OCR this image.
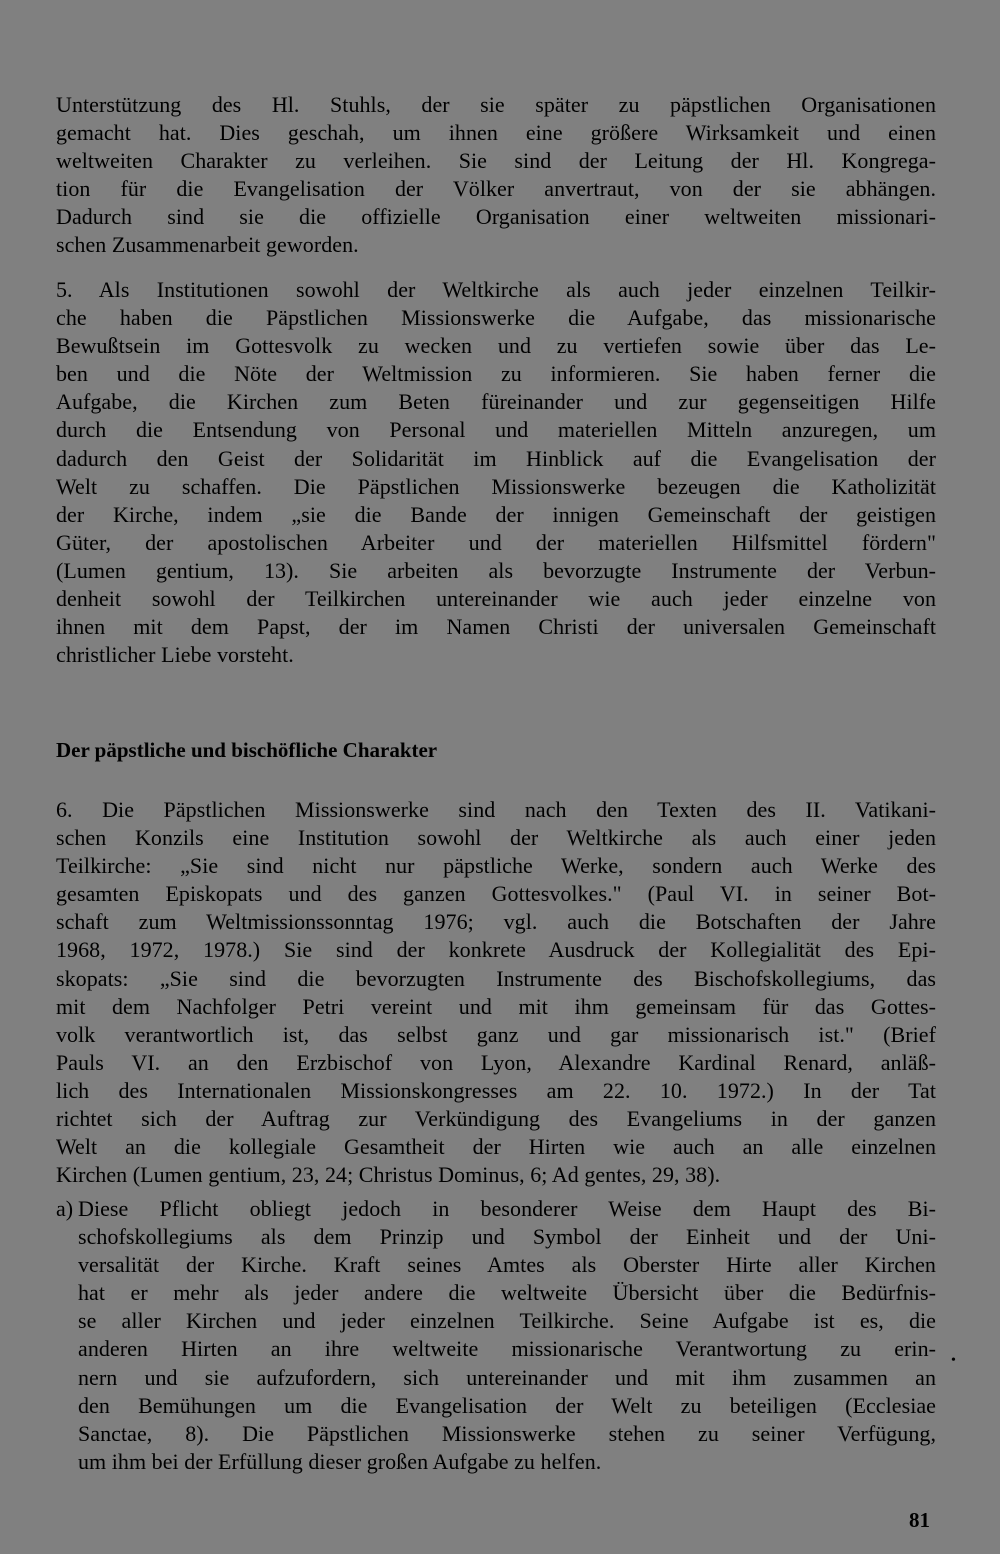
Unterstützung des Hl. Stuhls, der sie später zu päpstlichen Organisationen
gemacht hat. Dies geschah, um ihnen eine größere Wirksamkeit und einen
weltweiten Charakter zu verleihen. Sie sind der Leitung der Hl. Kongrega-
tion für die Evangelisation der Völker anvertraut, von der sie abhängen.
Dadurch sind sie die offizielle Organisation einer weltweiten missionari-
schen Zusammenarbeit geworden.
5. Als Institutionen sowohl der Weltkirche als auch jeder einzelnen Teilkir-
che haben die Päpstlichen Missionswerke die Aufgabe, das missionarische
Bewußtsein im Gottesvolk zu wecken und zu vertiefen sowie über das Le-
ben und die Nöte der Weltmission zu informieren. Sie haben ferner die
Aufgabe, die Kirchen zum Beten füreinander und zur gegenseitigen Hilfe
durch die Entsendung von Personal und materiellen Mitteln anzuregen, um
dadurch den Geist der Solidarität im Hinblick auf die Evangelisation der
Welt zu schaffen. Die Päpstlichen Missionswerke bezeugen die Katholizität
der Kirche, indem „sie die Bande der innigen Gemeinschaft der geistigen
Güter, der apostolischen Arbeiter und der materiellen Hilfsmittel fördern"
(Lumen gentium, 13). Sie arbeiten als bevorzugte Instrumente der Verbun-
denheit sowohl der Teilkirchen untereinander wie auch jeder einzelne von
ihnen mit dem Papst, der im Namen Christi der universalen Gemeinschaft
christlicher Liebe vorsteht.
Der päpstliche und bischöfliche Charakter
6. Die Päpstlichen Missionswerke sind nach den Texten des II. Vatikani-
schen Konzils eine Institution sowohl der Weltkirche als auch einer jeden
Teilkirche: „Sie sind nicht nur päpstliche Werke, sondern auch Werke des
gesamten Episkopats und des ganzen Gottesvolkes." (Paul VI. in seiner Bot-
schaft zum Weltmissionssonntag 1976; vgl. auch die Botschaften der Jahre
1968, 1972, 1978.) Sie sind der konkrete Ausdruck der Kollegialität des Epi-
skopats: „Sie sind die bevorzugten Instrumente des Bischofskollegiums, das
mit dem Nachfolger Petri vereint und mit ihm gemeinsam für das Gottes-
volk verantwortlich ist, das selbst ganz und gar missionarisch ist." (Brief
Pauls VI. an den Erzbischof von Lyon, Alexandre Kardinal Renard, anläß-
lich des Internationalen Missionskongresses am 22. 10. 1972.) In der Tat
richtet sich der Auftrag zur Verkündigung des Evangeliums in der ganzen
Welt an die kollegiale Gesamtheit der Hirten wie auch an alle einzelnen
Kirchen (Lumen gentium, 23, 24; Christus Dominus, 6; Ad gentes, 29, 38).
a) Diese Pflicht obliegt jedoch in besonderer Weise dem Haupt des Bi-
schofskollegiums als dem Prinzip und Symbol der Einheit und der Uni-
versalität der Kirche. Kraft seines Amtes als Oberster Hirte aller Kirchen
hat er mehr als jeder andere die weltweite Übersicht über die Bedürfnis-
se aller Kirchen und jeder einzelnen Teilkirche. Seine Aufgabe ist es, die
anderen Hirten an ihre weltweite missionarische Verantwortung zu erin-
nern und sie aufzufordern, sich untereinander und mit ihm zusammen an
den Bemühungen um die Evangelisation der Welt zu beteiligen (Ecclesiae
Sanctae, 8). Die Päpstlichen Missionswerke stehen zu seiner Verfügung,
um ihm bei der Erfüllung dieser großen Aufgabe zu helfen.
•
81
